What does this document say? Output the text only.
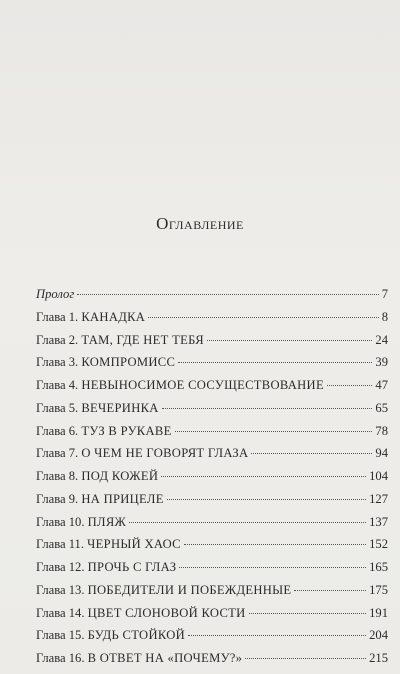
Оглавление
Пролог	7
Глава 1. КАНАДКА	8
Глава 2. ТАМ, ГДЕ НЕТ ТЕБЯ	24
Глава 3. КОМПРОМИСС	39
Глава 4. НЕВЫНОСИМОЕ СОСУЩЕСТВОВАНИЕ	47
Глава 5. ВЕЧЕРИНКА	65
Глава 6. ТУЗ В РУКАВЕ	78
Глава 7. О ЧЕМ НЕ ГОВОРЯТ ГЛАЗА	94
Глава 8. ПОД КОЖЕЙ	104
Глава 9. НА ПРИЦЕЛЕ	127
Глава 10. ПЛЯЖ	137
Глава 11. ЧЕРНЫЙ ХАОС	152
Глава 12. ПРОЧЬ С ГЛАЗ	165
Глава 13. ПОБЕДИТЕЛИ И ПОБЕЖДЕННЫЕ	175
Глава 14. ЦВЕТ СЛОНОВОЙ КОСТИ	191
Глава 15. БУДЬ СТОЙКОЙ	204
Глава 16. В ОТВЕТ НА «ПОЧЕМУ?»	215
